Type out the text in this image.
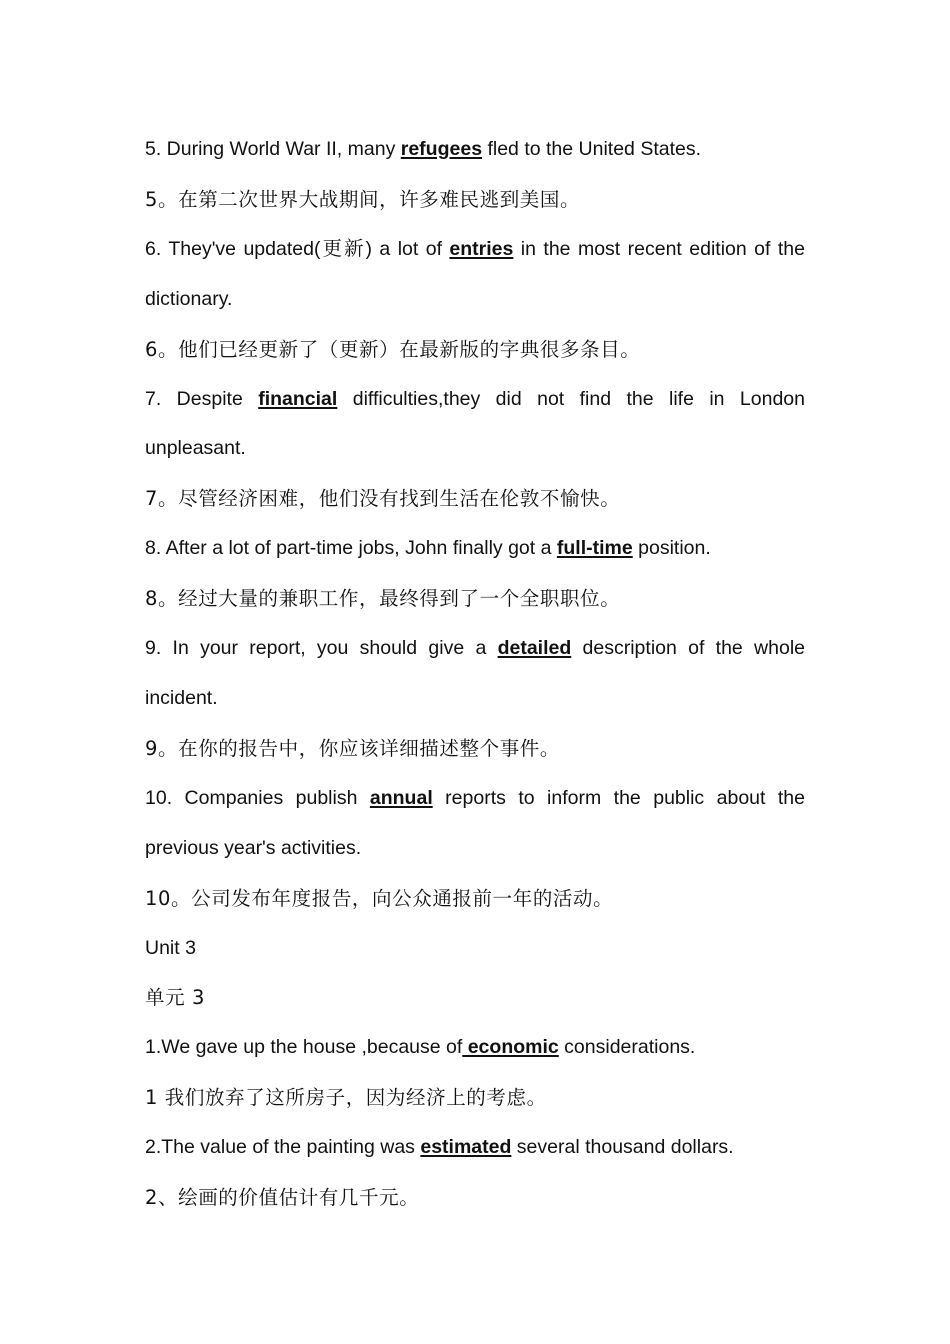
5. During World War II, many refugees fled to the United States.

5。在第二次世界大战期间，许多难民逃到美国。

6. They've updated(更新) a lot of entries in the most recent edition of the dictionary.

6。他们已经更新了（更新）在最新版的字典很多条目。

7. Despite financial difficulties,they did not find the life in London unpleasant.

7。尽管经济困难，他们没有找到生活在伦敦不愉快。

8. After a lot of part-time jobs, John finally got a full-time position.

8。经过大量的兼职工作，最终得到了一个全职职位。

9. In your report, you should give a detailed description of the whole incident.

9。在你的报告中，你应该详细描述整个事件。

10. Companies publish annual reports to inform the public about the previous year's activities.

10。公司发布年度报告，向公众通报前一年的活动。

Unit 3

单元 3

1.We gave up the house ,because of economic considerations.

1 我们放弃了这所房子，因为经济上的考虑。

2.The value of the painting was estimated several thousand dollars.

2、绘画的价值估计有几千元。
